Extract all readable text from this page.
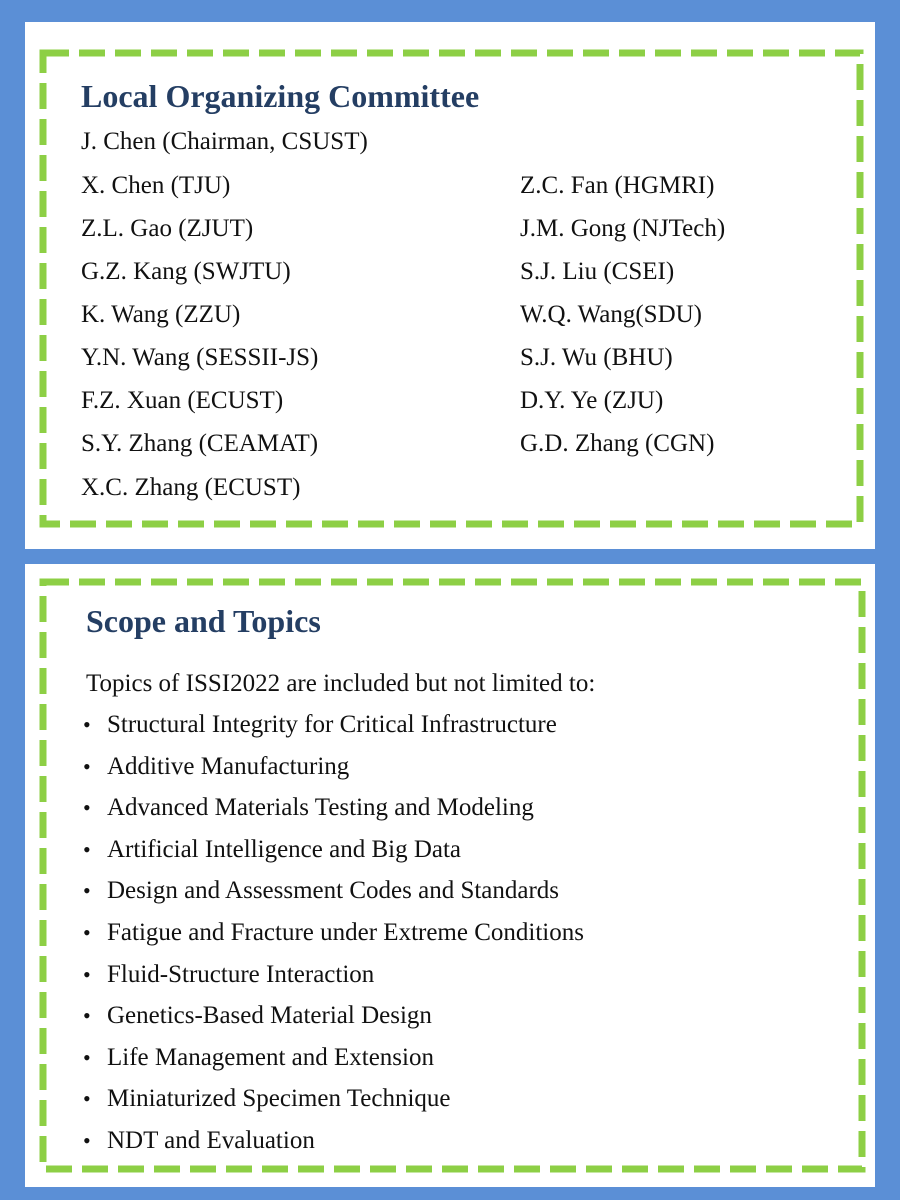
Local Organizing Committee
J. Chen (Chairman, CSUST)
X. Chen (TJU)
Z.L. Gao (ZJUT)
G.Z. Kang (SWJTU)
K. Wang (ZZU)
Y.N. Wang (SESSII-JS)
F.Z. Xuan (ECUST)
S.Y. Zhang (CEAMAT)
X.C. Zhang (ECUST)
Z.C. Fan (HGMRI)
J.M. Gong (NJTech)
S.J. Liu (CSEI)
W.Q. Wang(SDU)
S.J. Wu (BHU)
D.Y. Ye (ZJU)
G.D. Zhang (CGN)
Scope and Topics
Topics of ISSI2022 are included but not limited to:
• Structural Integrity for Critical Infrastructure
• Additive Manufacturing
• Advanced Materials Testing and Modeling
• Artificial Intelligence and Big Data
• Design and Assessment Codes and Standards
• Fatigue and Fracture under Extreme Conditions
• Fluid-Structure Interaction
• Genetics-Based Material Design
• Life Management and Extension
• Miniaturized Specimen Technique
• NDT and Evaluation
